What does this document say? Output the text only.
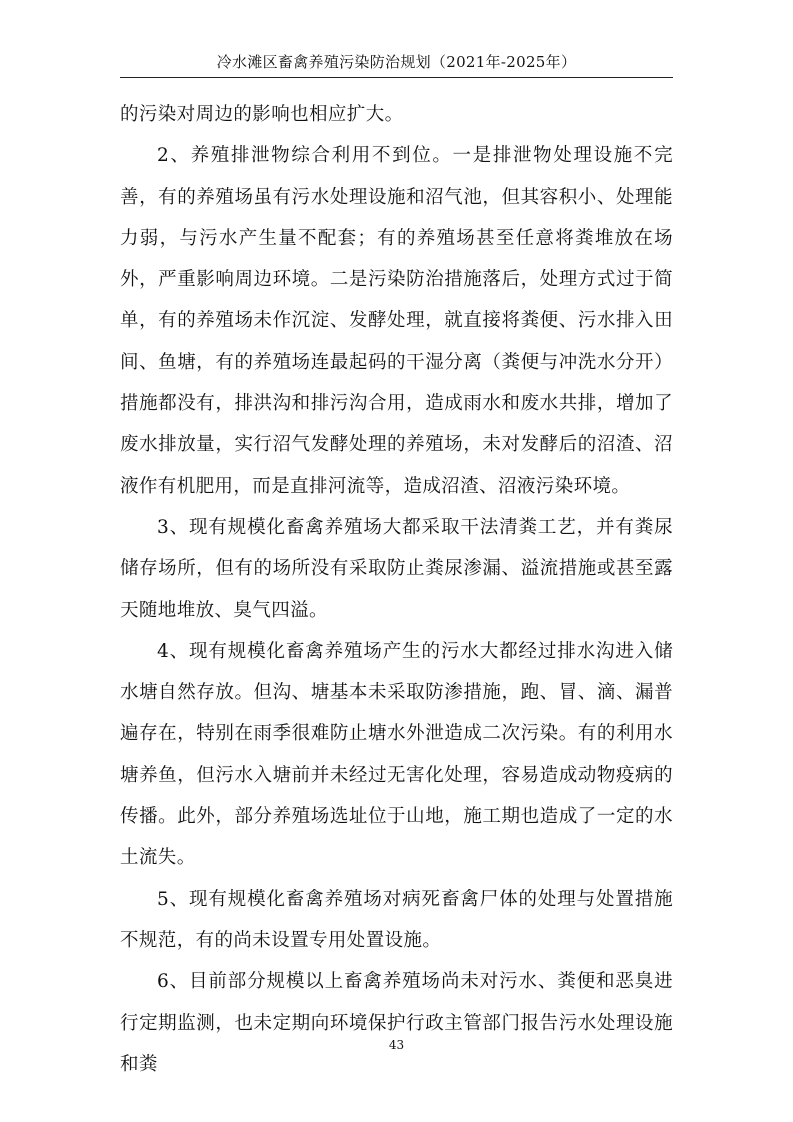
冷水滩区畜禽养殖污染防治规划（2021年-2025年）

的污染对周边的影响也相应扩大。

2、养殖排泄物综合利用不到位。一是排泄物处理设施不完善，有的养殖场虽有污水处理设施和沼气池，但其容积小、处理能力弱，与污水产生量不配套；有的养殖场甚至任意将粪堆放在场外，严重影响周边环境。二是污染防治措施落后，处理方式过于简单，有的养殖场未作沉淀、发酵处理，就直接将粪便、污水排入田间、鱼塘，有的养殖场连最起码的干湿分离（粪便与冲洗水分开）措施都没有，排洪沟和排污沟合用，造成雨水和废水共排，增加了废水排放量，实行沼气发酵处理的养殖场，未对发酵后的沼渣、沼液作有机肥用，而是直排河流等，造成沼渣、沼液污染环境。

3、现有规模化畜禽养殖场大都采取干法清粪工艺，并有粪尿储存场所，但有的场所没有采取防止粪尿渗漏、溢流措施或甚至露天随地堆放、臭气四溢。

4、现有规模化畜禽养殖场产生的污水大都经过排水沟进入储水塘自然存放。但沟、塘基本未采取防渗措施，跑、冒、滴、漏普遍存在，特别在雨季很难防止塘水外泄造成二次污染。有的利用水塘养鱼，但污水入塘前并未经过无害化处理，容易造成动物疫病的传播。此外，部分养殖场选址位于山地，施工期也造成了一定的水土流失。

5、现有规模化畜禽养殖场对病死畜禽尸体的处理与处置措施不规范，有的尚未设置专用处置设施。

6、目前部分规模以上畜禽养殖场尚未对污水、粪便和恶臭进行定期监测，也未定期向环境保护行政主管部门报告污水处理设施和粪

43
